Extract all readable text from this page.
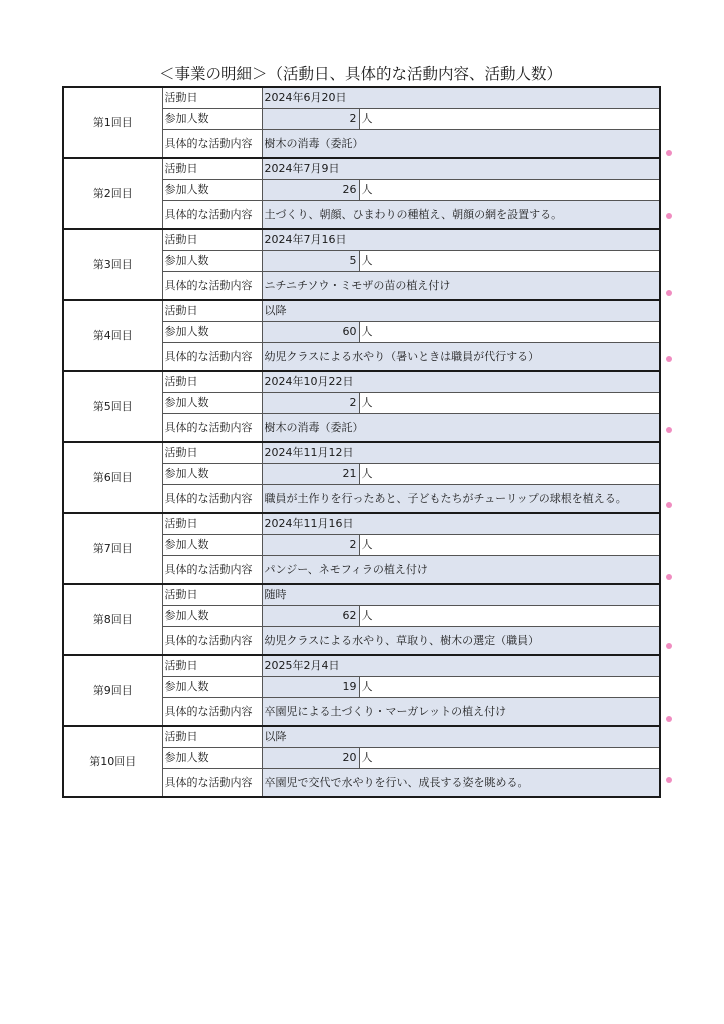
＜事業の明細＞（活動日、具体的な活動内容、活動人数）
第1回目	活動日	2024年6月20日	
	参加人数	2	人
	具体的な活動内容	樹木の消毒（委託）	
第2回目	活動日	2024年7月9日	
	参加人数	26	人
	具体的な活動内容	土づくり、朝顔、ひまわりの種植え、朝顔の網を設置する。	
第3回目	活動日	2024年7月16日	
	参加人数	5	人
	具体的な活動内容	ニチニチソウ・ミモザの苗の植え付け	
第4回目	活動日	以降	
	参加人数	60	人
	具体的な活動内容	幼児クラスによる水やり（暑いときは職員が代行する）	
第5回目	活動日	2024年10月22日	
	参加人数	2	人
	具体的な活動内容	樹木の消毒（委託）	
第6回目	活動日	2024年11月12日	
	参加人数	21	人
	具体的な活動内容	職員が土作りを行ったあと、子どもたちがチューリップの球根を植える。	
第7回目	活動日	2024年11月16日	
	参加人数	2	人
	具体的な活動内容	パンジー、ネモフィラの植え付け	
第8回目	活動日	随時	
	参加人数	62	人
	具体的な活動内容	幼児クラスによる水やり、草取り、樹木の選定（職員）	
第9回目	活動日	2025年2月4日	
	参加人数	19	人
	具体的な活動内容	卒園児による土づくり・マーガレットの植え付け	
第10回目	活動日	以降	
	参加人数	20	人
	具体的な活動内容	卒園児で交代で水やりを行い、成長する姿を眺める。	
